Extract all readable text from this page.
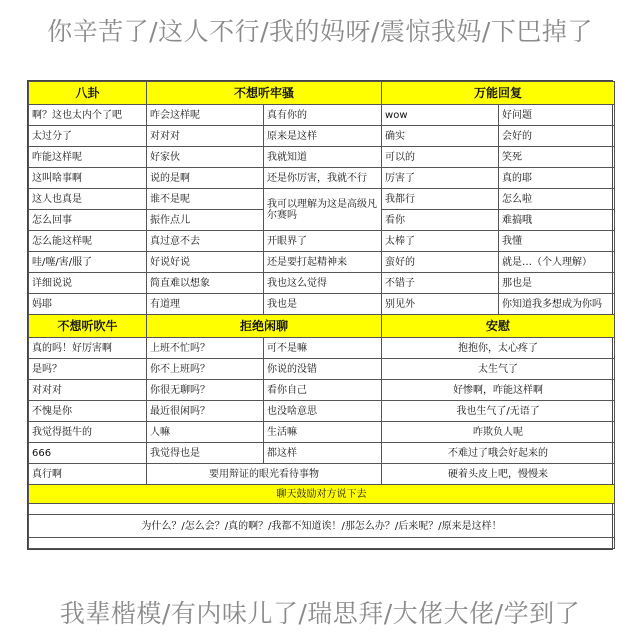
你辛苦了/这人不行/我的妈呀/震惊我妈/下巴掉了
八卦	不想听牢骚		万能回复	
啊？这也太内个了吧	咋会这样呢	真有你的	wow	好问题
太过分了	对对对	原来是这样	确实	会好的
咋能这样呢	好家伙	我就知道	可以的	笑死
这叫啥事啊	说的是啊	还是你厉害，我就不行	厉害了	真的耶
这人也真是	谁不是呢	我可以理解为这是高级凡尔赛吗	我都行	怎么啦
怎么回事	振作点儿		看你	难搞哦
怎么能这样呢	真过意不去	开眼界了	太棒了	我懂
哇/噻/害/服了	好说好说	还是要打起精神来	蛮好的	就是…（个人理解）
详细说说	简直难以想象	我也这么觉得	不错子	那也是
妈耶	有道理	我也是	别见外	你知道我多想成为你吗
不想听吹牛	拒绝闲聊		安慰	
真的吗！好厉害啊	上班不忙吗？	可不是嘛	抱抱你，太心疼了	
是吗？	你不上班吗？	你说的没错	太生气了	
对对对	你很无聊吗？	看你自己	好惨啊，咋能这样啊	
不愧是你	最近很闲吗？	也没啥意思	我也生气了/无语了	
我觉得挺牛的	人嘛	生活嘛	咋欺负人呢	
666	我觉得也是	都这样	不难过了哦会好起来的	
真行啊	要用辩证的眼光看待事物		硬着头皮上吧，慢慢来	
聊天鼓励对方说下去				

为什么？/怎么会？/真的啊？/我都不知道诶！/那怎么办？/后来呢？/原来是这样！				

我辈楷模/有内味儿了/瑞思拜/大佬大佬/学到了
